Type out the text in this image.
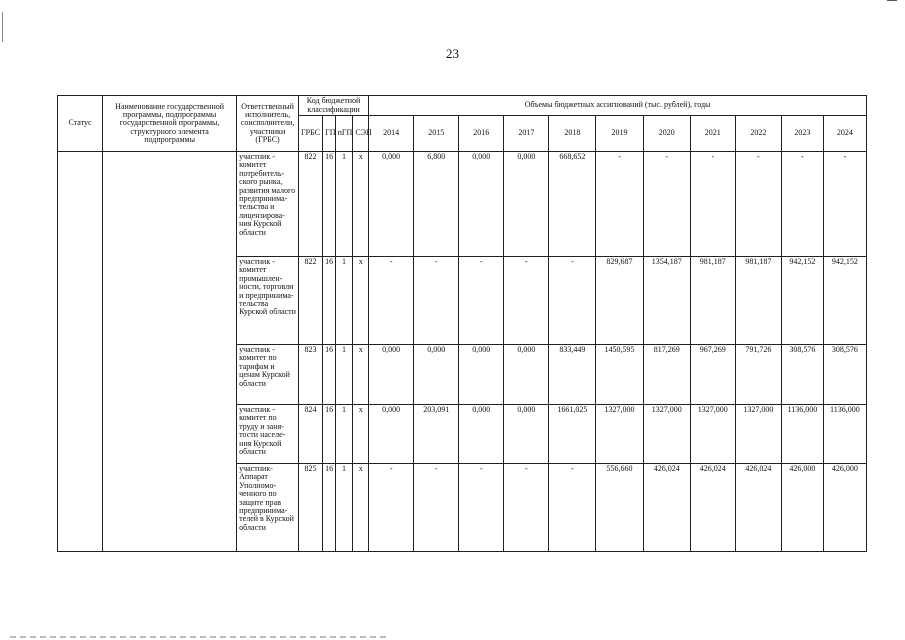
23
Статус	Наименование государственной программы, подпрограммы государственной программы, структурного элемента подпрограммы	Ответственный исполнитель, соисполнители, участники (ГРБС)	Код бюджетной классификации				Объемы бюджетных ассигнований (тыс. рублей), годы										
			ГРБС	ГП	пГП	СЭП	2014	2015	2016	2017	2018	2019	2020	2021	2022	2023	2024
		участник - комитет потребитель-ского рынка, развития малого предпринима-тельства и лицензирова-ния Курской области	822	16	1	х	0,000	6,800	0,000	0,000	668,652	-	-	-	-	-	-
		участник - комитет промышлен-ности, торговли и предпринима-тельства Курской области	822	16	1	х	-	-	-	-	-	829,687	1354,187	981,187	981,187	942,152	942,152
		участник - комитет по тарифам и ценам Курской области	823	16	1	х	0,000	0,000	0,000	0,000	833,449	1450,595	817,269	967,269	791,726	308,576	308,576
		участник - комитет по труду и заня-тости населе-ния Курской области	824	16	1	х	0,000	203,091	0,000	0,000	1661,025	1327,000	1327,000	1327,000	1327,000	1136,000	1136,000
		участник-Аппарат Уполномо-ченного по защите прав предпринима-телей в Курской области	825	16	1	х	-	-	-	-	-	556,660	426,024	426,024	426,024	426,000	426,000
